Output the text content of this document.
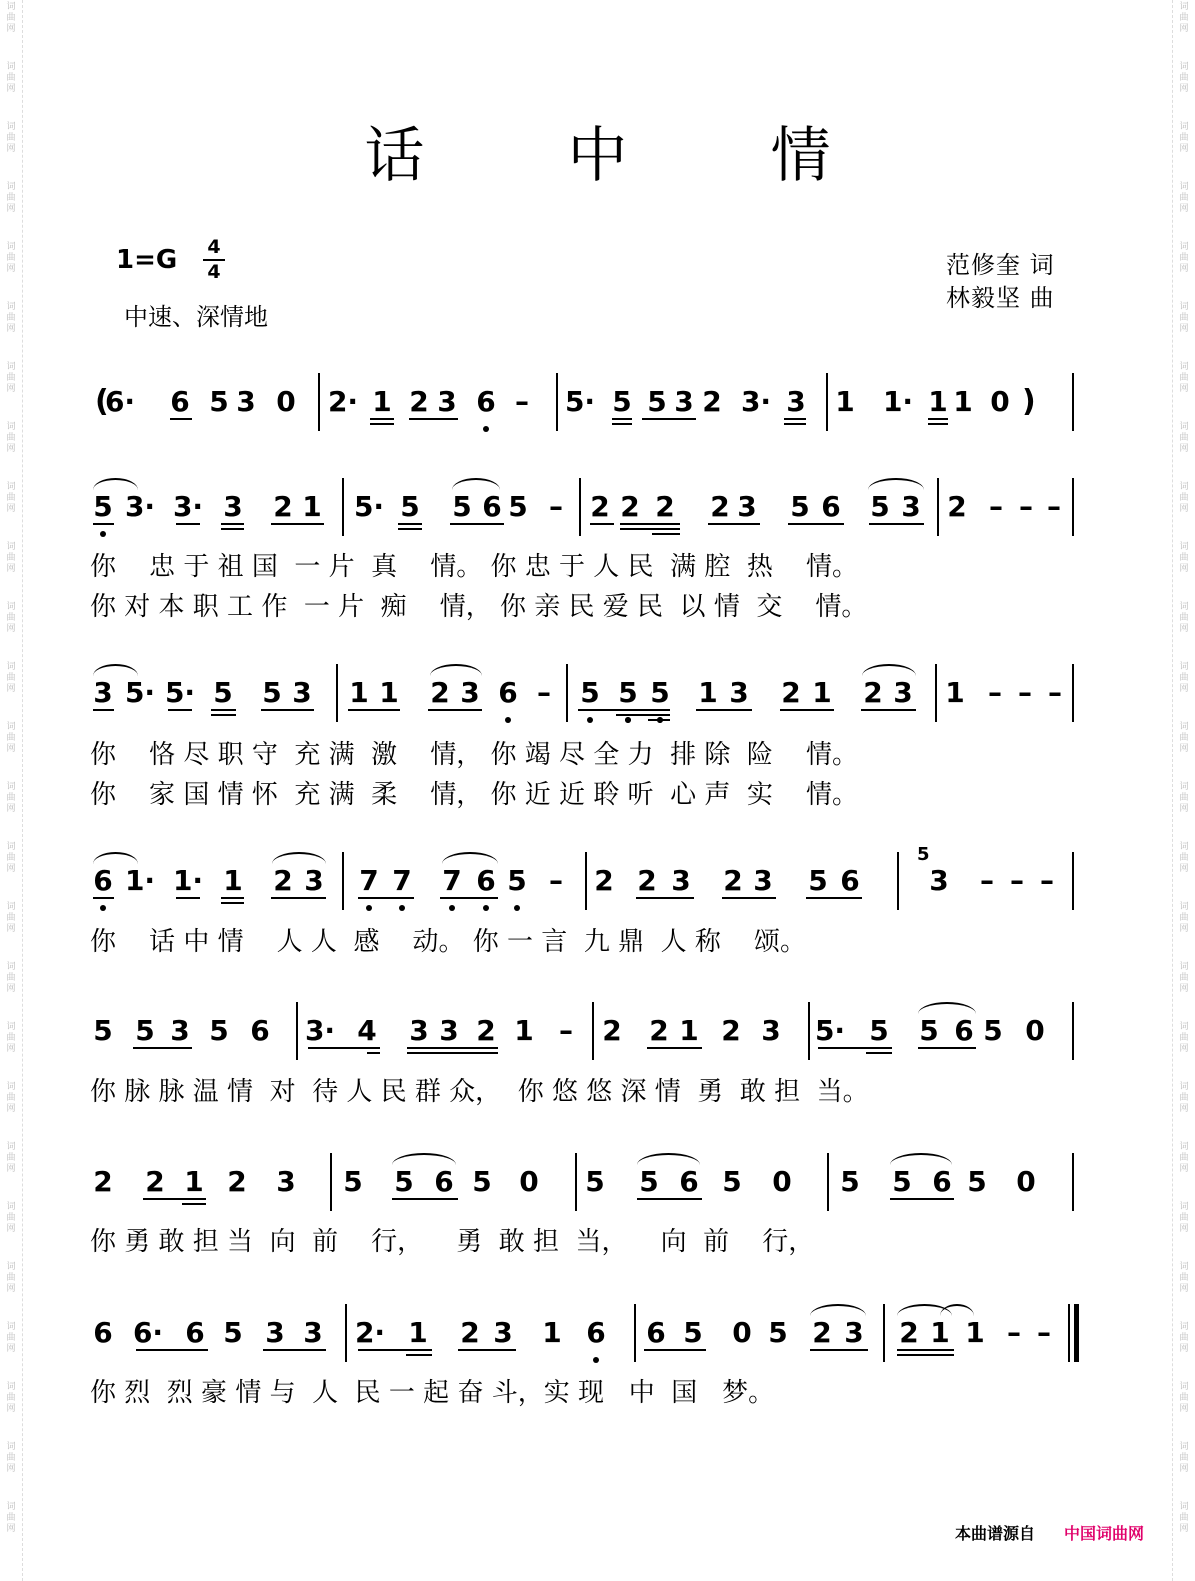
词
曲
网
词
曲
网
词
曲
网
词
曲
网
词
曲
网
词
曲
网
词
曲
网
词
曲
网
词
曲
网
词
曲
网
词
曲
网
词
曲
网
词
曲
网
词
曲
网
词
曲
网
词
曲
网
词
曲
网
词
曲
网
词
曲
网
词
曲
网
词
曲
网
词
曲
网
词
曲
网
词
曲
网
词
曲
网
词
曲
网
词
曲
网
词
曲
网
词
曲
网
词
曲
网
词
曲
网
词
曲
网
词
曲
网
词
曲
网
词
曲
网
词
曲
网
词
曲
网
词
曲
网
词
曲
网
词
曲
网
词
曲
网
词
曲
网
词
曲
网
词
曲
网
词
曲
网
词
曲
网
词
曲
网
词
曲
网
词
曲
网
词
曲
网
词
曲
网
词
曲
网
话 中 情
1=G 4
4
中速、深情地
范修奎 词
林毅坚 曲
6· 6 5 3 0 2· 1 2 3 6 – 5· 5 5 3 2 3· 3 1 1· 1 1 0
(	)
5 3· 3· 3 2 1 5· 5 5 6 5 – 2 2 2 2 3 5 6 5 3 2 – – –
你    忠 于 祖 国  一 片  真    情。 你 忠 于 人 民  满 腔  热    情。
你 对 本 职 工 作  一 片  痴    情， 你 亲 民 爱 民  以 情  交    情。
3 5· 5· 5 5 3 1 1 2 3 6 – 5 5 5 1 3 2 1 2 3 1 – – –
你    恪 尽 职 守  充 满  激    情， 你 竭 尽 全 力  排 除  险    情。
你    家 国 情 怀  充 满  柔    情， 你 近 近 聆 听  心 声  实    情。
6 1· 1· 1 2 3 7 7 7 6 5 – 2 2 3 2 3 5 6 3 – – –
5
你    话 中 情    人 人  感    动。 你 一 言  九 鼎  人 称    颂。
5 5 3 5 6 3· 4 3 3 2 1 – 2 2 1 2 3 5· 5 5 6 5 0
你 脉 脉 温 情  对  待 人 民 群 众，  你 悠 悠 深 情  勇  敢 担  当。
2 2 1 2 3 5 5 6 5 0 5 5 6 5 0 5 5 6 5 0
你 勇 敢 担 当  向  前    行，    勇  敢 担  当，    向  前    行，
6 6· 6 5 3 3 2· 1 2 3 1 6 6 5 0 5 2 3 2 1 1 – –
你 烈  烈 豪 情 与  人  民 一 起 奋 斗，实 现   中  国   梦。
本曲谱源自 中国词曲网
